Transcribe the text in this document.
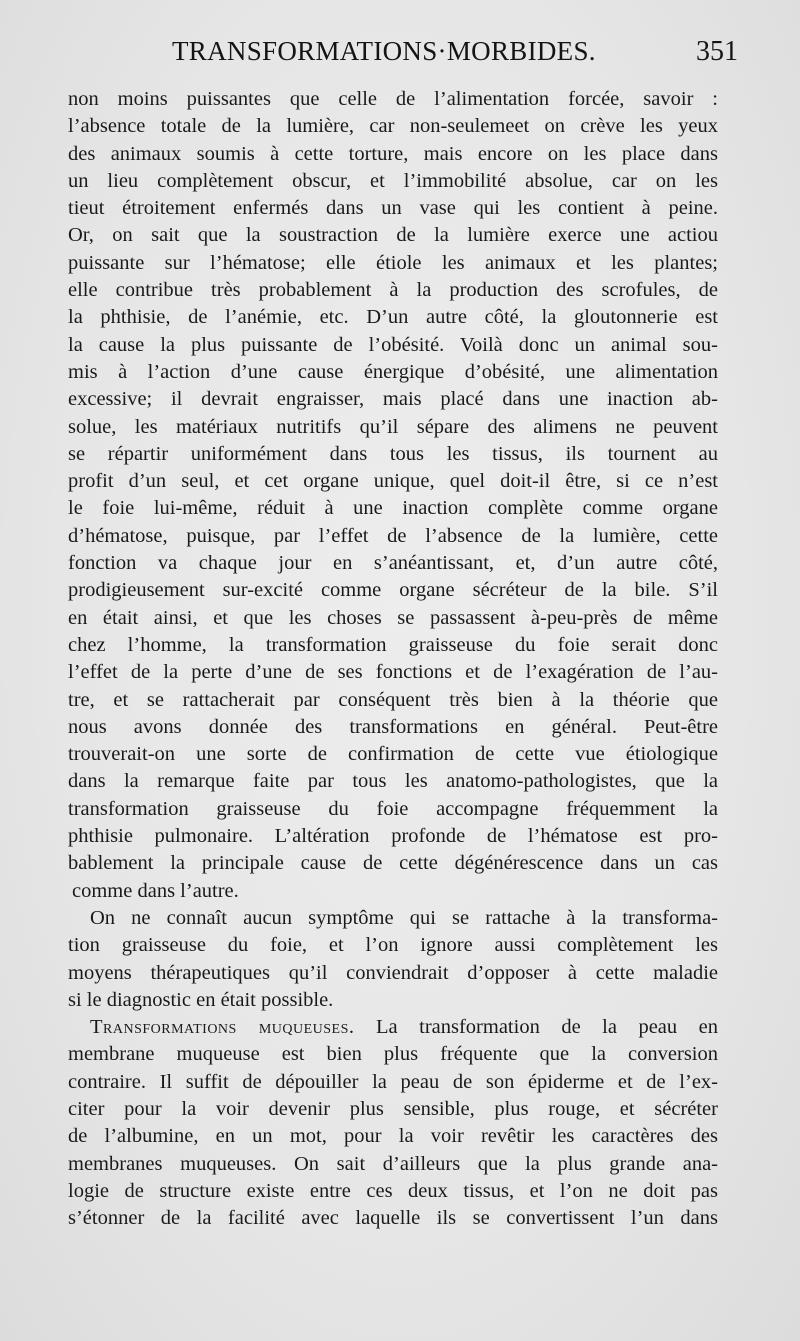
TRANSFORMATIONS·MORBIDES.	351
non moins puissantes que celle de l’alimentation forcée, savoir :
l’absence totale de la lumière, car non-seulemeet on crève les yeux
des animaux soumis à cette torture, mais encore on les place dans
un lieu complètement obscur, et l’immobilité absolue, car on les
tieut étroitement enfermés dans un vase qui les contient à peine.
Or, on sait que la soustraction de la lumière exerce une actiou
puissante sur l’hématose; elle étiole les animaux et les plantes;
elle contribue très probablement à la production des scrofules, de
la phthisie, de l’anémie, etc. D’un autre côté, la gloutonnerie est
la cause la plus puissante de l’obésité. Voilà donc un animal sou-
mis à l’action d’une cause énergique d’obésité, une alimentation
excessive; il devrait engraisser, mais placé dans une inaction ab-
solue, les matériaux nutritifs qu’il sépare des alimens ne peuvent
se répartir uniformément dans tous les tissus, ils tournent au
profit d’un seul, et cet organe unique, quel doit-il être, si ce n’est
le foie lui-même, réduit à une inaction complète comme organe
d’hématose, puisque, par l’effet de l’absence de la lumière, cette
fonction va chaque jour en s’anéantissant, et, d’un autre côté,
prodigieusement sur-excité comme organe sécréteur de la bile. S’il
en était ainsi, et que les choses se passassent à-peu-près de même
chez l’homme, la transformation graisseuse du foie serait donc
l’effet de la perte d’une de ses fonctions et de l’exagération de l’au-
tre, et se rattacherait par conséquent très bien à la théorie que
nous avons donnée des transformations en général. Peut-être
trouverait-on une sorte de confirmation de cette vue étiologique
dans la remarque faite par tous les anatomo-pathologistes, que la
transformation graisseuse du foie accompagne fréquemment la
phthisie pulmonaire. L’altération profonde de l’hématose est pro-
bablement la principale cause de cette dégénérescence dans un cas
comme dans l’autre.
On ne connaît aucun symptôme qui se rattache à la transforma-
tion graisseuse du foie, et l’on ignore aussi complètement les
moyens thérapeutiques qu’il conviendrait d’opposer à cette maladie
si le diagnostic en était possible.
Transformations muqueuses. La transformation de la peau en
membrane muqueuse est bien plus fréquente que la conversion
contraire. Il suffit de dépouiller la peau de son épiderme et de l’ex-
citer pour la voir devenir plus sensible, plus rouge, et sécréter
de l’albumine, en un mot, pour la voir revêtir les caractères des
membranes muqueuses. On sait d’ailleurs que la plus grande ana-
logie de structure existe entre ces deux tissus, et l’on ne doit pas
s’étonner de la facilité avec laquelle ils se convertissent l’un dans
